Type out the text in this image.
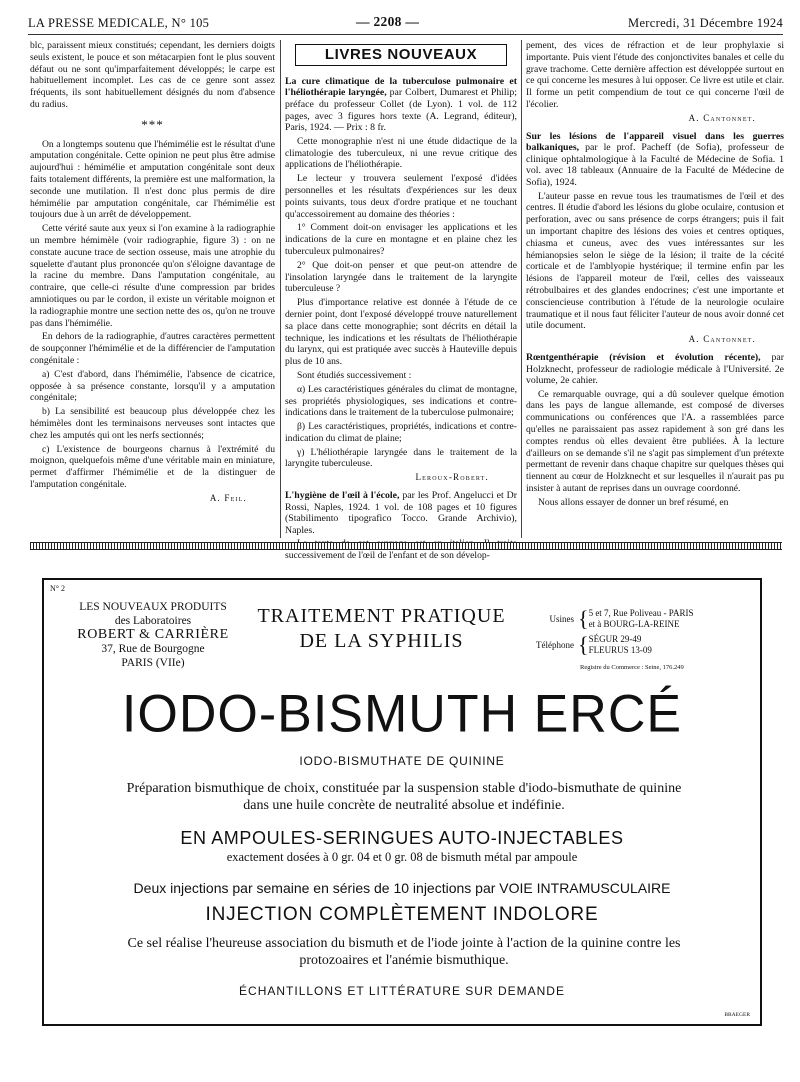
LA PRESSE MEDICALE, N° 105	— 2208 —	Mercredi, 31 Décembre 1924

blc, paraissent mieux constitués; cependant, les derniers doigts seuls existent, le pouce et son métacarpien font le plus souvent défaut ou ne sont qu'imparfaitement développés; le carpe est habituellement incomplet. Les cas de ce genre sont assez fréquents, ils sont habituellement désignés du nom d'absence du radius.

***

On a longtemps soutenu que l'hémimélie est le résultat d'une amputation congénitale. Cette opinion ne peut plus être admise aujourd'hui : hémimélie et amputation congénitale sont deux faits totalement différents, la première est une malformation, la seconde une mutilation. Il n'est donc plus permis de dire hémimélie par amputation congénitale, car l'hémimélie est toujours due à un arrêt de développement.

Cette vérité saute aux yeux si l'on examine à la radiographie un membre hémimèle (voir radiographie, figure 3) : on ne constate aucune trace de section osseuse, mais une atrophie du squelette d'autant plus prononcée qu'on s'éloigne davantage de la racine du membre. Dans l'amputation congénitale, au contraire, que celle-ci résulte d'une compression par brides amniotiques ou par le cordon, il existe un véritable moignon et la radiographie montre une section nette des os, qu'on ne trouve pas dans l'hémimélie.

En dehors de la radiographie, d'autres caractères permettent de soupçonner l'hémimélie et de la différencier de l'amputation congénitale :

a) C'est d'abord, dans l'hémimélie, l'absence de cicatrice, opposée à sa présence constante, lorsqu'il y a amputation congénitale;

b) La sensibilité est beaucoup plus développée chez les hémimèles dont les terminaisons nerveuses sont intactes que chez les amputés qui ont les nerfs sectionnés;

c) L'existence de bourgeons charnus à l'extrémité du moignon, quelquefois même d'une véritable main en miniature, permet d'affirmer l'hémimélie et de la distinguer de l'amputation congénitale.

A. Feil.
LIVRES NOUVEAUX
La cure climatique de la tuberculose pulmonaire et l'héliothérapie laryngée, par Colbert, Dumarest et Philip; préface du professeur Collet (de Lyon). 1 vol. de 112 pages, avec 3 figures hors texte (A. Legrand, éditeur), Paris, 1924. — Prix : 8 fr.

Cette monographie n'est ni une étude didactique de la climatologie des tuberculeux, ni une revue critique des applications de l'héliothérapie.

Le lecteur y trouvera seulement l'exposé d'idées personnelles et les résultats d'expériences sur les deux points suivants, tous deux d'ordre pratique et ne touchant qu'accessoirement au domaine des théories :

1° Comment doit-on envisager les applications et les indications de la cure en montagne et en plaine chez les tuberculeux pulmonaires?

2° Que doit-on penser et que peut-on attendre de l'insolation laryngée dans le traitement de la laryngite tuberculeuse ?

Plus d'importance relative est donnée à l'étude de ce dernier point, dont l'exposé développé trouve naturellement sa place dans cette monographie; sont décrits en détail la technique, les indications et les résultats de l'héliothérapie du larynx, qui est pratiquée avec succès à Hauteville depuis plus de 10 ans.

Sont étudiés successivement :

α) Les caractéristiques générales du climat de montagne, ses propriétés physiologiques, ses indications et contre-indications dans le traitement de la tuberculose pulmonaire;

β) Les caractéristiques, propriétés, indications et contre-indication du climat de plaine;

γ) L'héliothérapie laryngée dans le traitement de la laryngite tuberculeuse.

Leroux-Robert.
L'hygiène de l'œil à l'école, par les Prof. Angelucci et Dr Rossi, Naples, 1924. 1 vol. de 108 pages et 10 figures (Stabilimento tipografico Tocco. Grande Archivio), Naples.

successivement de l'œil de l'enfant et de son dévelop-

pement, des vices de réfraction et de leur prophylaxie si importante. Puis vient l'étude des conjonctivites banales et celle du grave trachome. Cette dernière affection est développée surtout en ce qui concerne les mesures à lui opposer. Ce livre est utile et clair. Il forme un petit compendium de tout ce qui concerne l'œil de l'écolier.

A. Cantonnet.
Sur les lésions de l'appareil visuel dans les guerres balkaniques, par le prof. Pacheff (de Sofia), professeur de clinique ophtalmologique à la Faculté de Médecine de Sofia. 1 vol. avec 18 tableaux (Annuaire de la Faculté de Médecine de Sofia), 1924.

L'auteur passe en revue tous les traumatismes de l'œil et des centres. Il étudie d'abord les lésions du globe oculaire, contusion et perforation, avec ou sans présence de corps étrangers; puis il fait un important chapitre des lésions des voies et centres optiques, chiasma et cuneus, avec des vues intéressantes sur les hémianopsies selon le siège de la lésion; il traite de la cécité corticale et de l'amblyopie hystérique; il termine enfin par les lésions de l'appareil moteur de l'œil, celles des vaisseaux rétrobulbaires et des glandes endocrines; c'est une importante et consciencieuse contribution à l'étude de la neurologie oculaire traumatique et il nous faut féliciter l'auteur de nous avoir donné cet utile document.

A. Cantonnet.
Rœntgenthérapie (révision et évolution récente), par Holzknecht, professeur de radiologie médicale à l'Université. 2e volume, 2e cahier.

Ce remarquable ouvrage, qui a dû soulever quelque émotion dans les pays de langue allemande, est composé de diverses communications ou conférences que l'A. a rassemblées parce qu'elles ne paraissaient pas assez rapidement à son gré dans les comptes rendus où elles devaient être publiées. À la lecture d'ailleurs on se demande s'il ne s'agit pas simplement d'un prétexte permettant de revenir dans chaque chapitre sur quelques thèses qui tiennent au cœur de Holzknecht et sur lesquelles il n'aurait pas pu insister à autant de reprises dans un ouvrage coordonné.

Nous allons essayer de donner un bref résumé, en

N° 2
LES NOUVEAUX PRODUITS
des Laboratoires
ROBERT & CARRIÈRE
37, Rue de Bourgogne
PARIS (VIIe)
TRAITEMENT PRATIQUE
DE LA SYPHILIS
Usines { 5 et 7, Rue Poliveau - PARIS
et à BOURG-LA-REINE
Téléphone { SÉGUR 29-49
FLEURUS 13-09
Registre du Commerce : Seine, 176.249
IODO-BISMUTH ERCÉ
IODO-BISMUTHATE DE QUININE
Préparation bismuthique de choix, constituée par la suspension stable d'iodo-bismuthate de quinine dans une huile concrète de neutralité absolue et indéfinie.
EN AMPOULES-SERINGUES AUTO-INJECTABLES
exactement dosées à 0 gr. 04 et 0 gr. 08 de bismuth métal par ampoule
Deux injections par semaine en séries de 10 injections par VOIE INTRAMUSCULAIRE
INJECTION COMPLÈTEMENT INDOLORE
Ce sel réalise l'heureuse association du bismuth et de l'iode jointe à l'action de la quinine contre les protozoaires et l'anémie bismuthique.
ÉCHANTILLONS ET LITTÉRATURE SUR DEMANDE
BRAEGER
